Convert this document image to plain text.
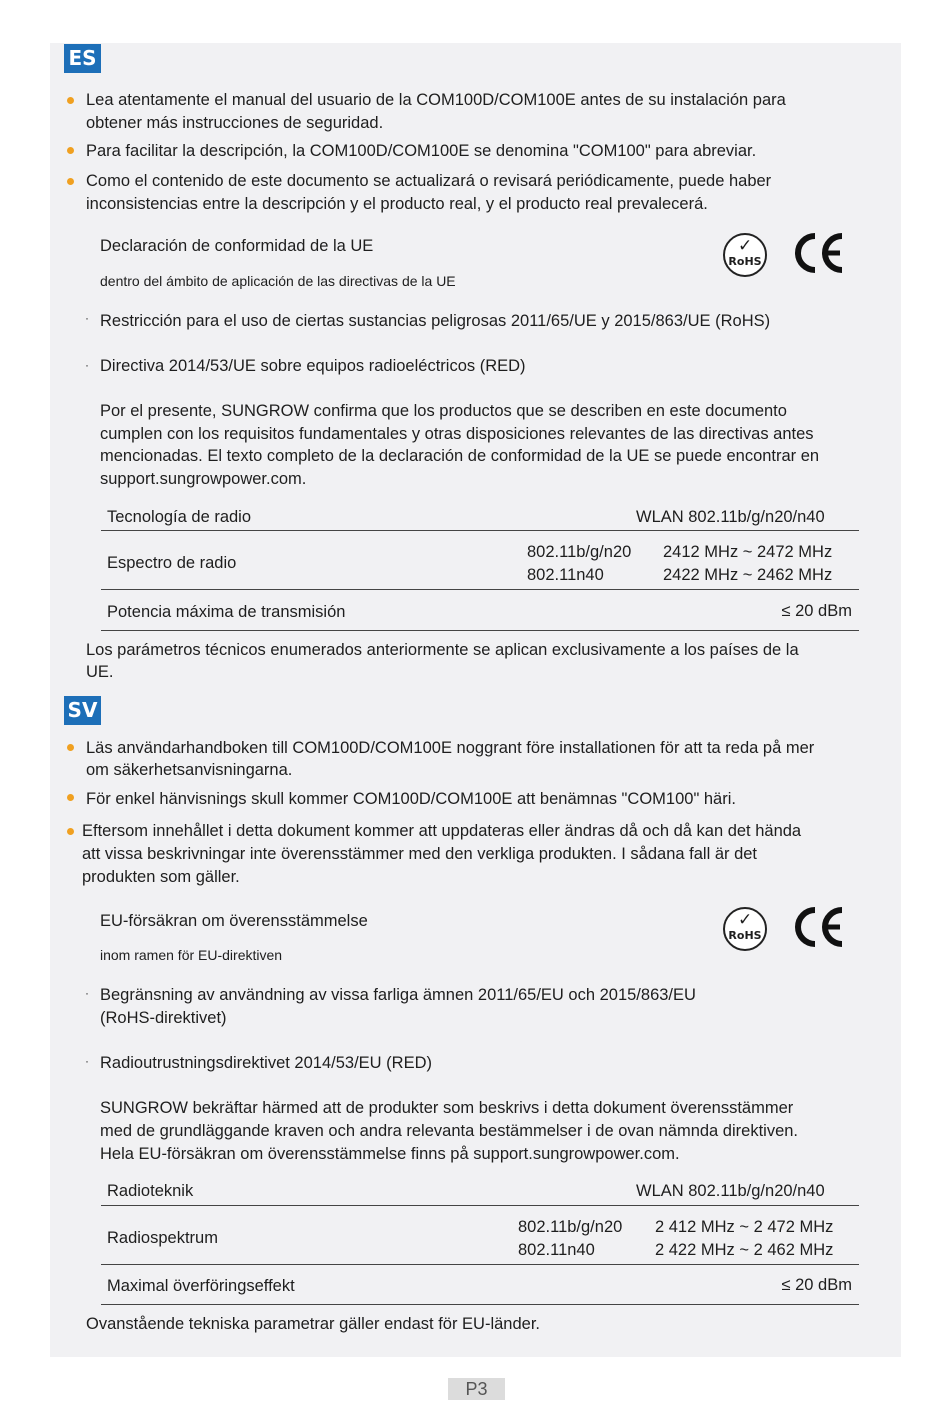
ES
Lea atentamente el manual del usuario de la COM100D/COM100E antes de su instalación para
obtener más instrucciones de seguridad.
Para facilitar la descripción, la COM100D/COM100E se denomina "COM100" para abreviar.
Como el contenido de este documento se actualizará o revisará periódicamente, puede haber
inconsistencias entre la descripción y el producto real, y el producto real prevalecerá.
Declaración de conformidad de la UE
dentro del ámbito de aplicación de las directivas de la UE
✓
RoHS
· Restricción para el uso de ciertas sustancias peligrosas 2011/65/UE y 2015/863/UE (RoHS)
· Directiva 2014/53/UE sobre equipos radioeléctricos (RED)
Por el presente, SUNGROW confirma que los productos que se describen en este documento
cumplen con los requisitos fundamentales y otras disposiciones relevantes de las directivas antes
mencionadas. El texto completo de la declaración de conformidad de la UE se puede encontrar en
support.sungrowpower.com.
Tecnología de radio	WLAN 802.11b/g/n20/n40
Espectro de radio
802.11b/g/n20 2412 MHz ~ 2472 MHz
802.11n40	2422 MHz ~ 2462 MHz
Potencia máxima de transmisión	≤ 20 dBm
Los parámetros técnicos enumerados anteriormente se aplican exclusivamente a los países de la
UE.
SV
Läs användarhandboken till COM100D/COM100E noggrant före installationen för att ta reda på mer
om säkerhetsanvisningarna.
För enkel hänvisnings skull kommer COM100D/COM100E att benämnas "COM100" häri.
Eftersom innehållet i detta dokument kommer att uppdateras eller ändras då och då kan det hända
att vissa beskrivningar inte överensstämmer med den verkliga produkten. I sådana fall är det
produkten som gäller.
EU-försäkran om överensstämmelse
inom ramen för EU-direktiven
✓
RoHS
· Begränsning av användning av vissa farliga ämnen 2011/65/EU och 2015/863/EU
(RoHS-direktivet)
· Radioutrustningsdirektivet 2014/53/EU (RED)
SUNGROW bekräftar härmed att de produkter som beskrivs i detta dokument överensstämmer
med de grundläggande kraven och andra relevanta bestämmelser i de ovan nämnda direktiven.
Hela EU-försäkran om överensstämmelse finns på support.sungrowpower.com.
Radioteknik	WLAN 802.11b/g/n20/n40
Radiospektrum
802.11b/g/n20 2 412 MHz ~ 2 472 MHz
802.11n40	2 422 MHz ~ 2 462 MHz
Maximal överföringseffekt	≤ 20 dBm
Ovanstående tekniska parametrar gäller endast för EU-länder.
P3
